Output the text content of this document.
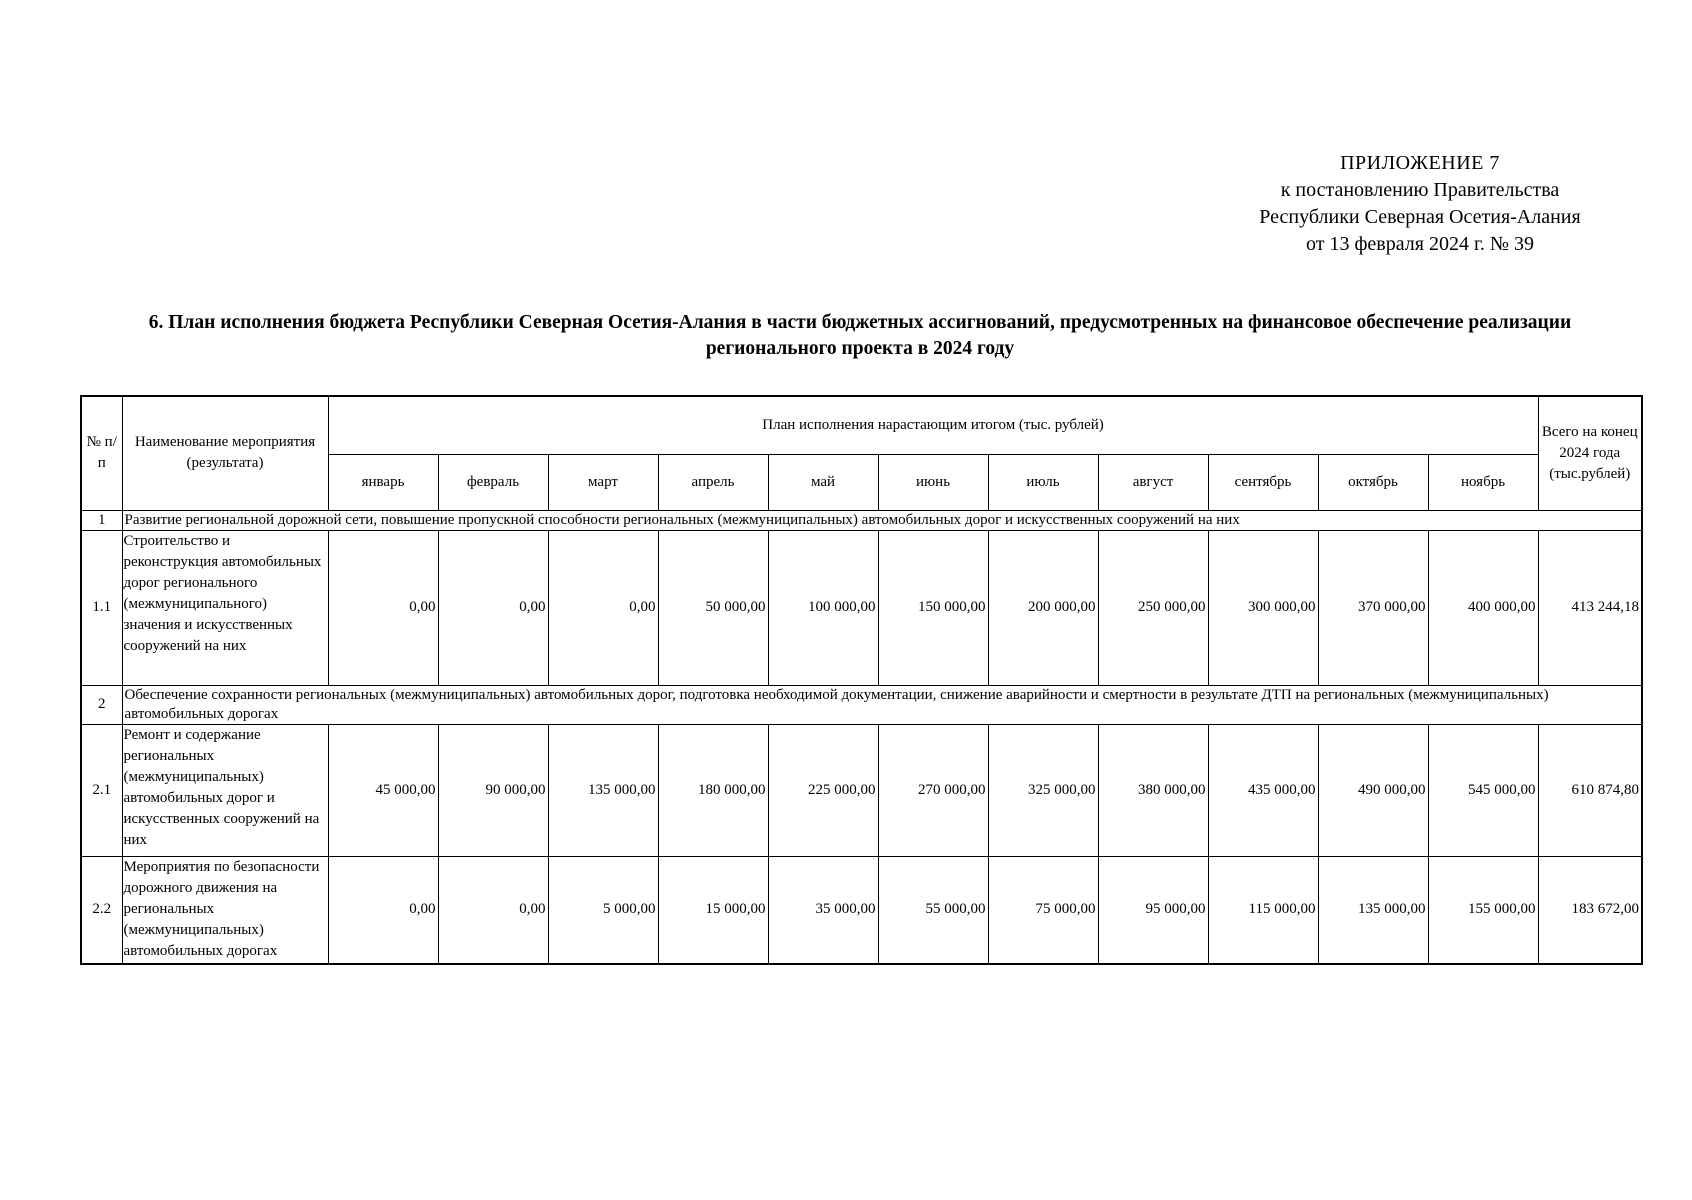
ПРИЛОЖЕНИЕ 7
к постановлению Правительства
Республики Северная Осетия-Алания
от 13 февраля 2024 г. № 39
6. План исполнения бюджета Республики Северная Осетия-Алания в части бюджетных ассигнований, предусмотренных на финансовое обеспечение реализации
регионального проекта в 2024 году
№ п/п	Наименование мероприятия (результата)	План исполнения нарастающим итогом (тыс. рублей)											Всего на конец 2024 года (тыс.рублей)
		январь	февраль	март	апрель	май	июнь	июль	август	сентябрь	октябрь	ноябрь	
1	Развитие региональной дорожной сети, повышение пропускной способности региональных (межмуниципальных) автомобильных дорог и искусственных сооружений на них												
1.1	Строительство и реконструкция автомобильных дорог регионального (межмуниципального) значения и искусственных сооружений на них	0,00	0,00	0,00	50 000,00	100 000,00	150 000,00	200 000,00	250 000,00	300 000,00	370 000,00	400 000,00	413 244,18
2	Обеспечение сохранности региональных (межмуниципальных) автомобильных дорог, подготовка необходимой документации, снижение аварийности и смертности в результате ДТП на региональных (межмуниципальных) автомобильных дорогах												
2.1	Ремонт и содержание региональных (межмуниципальных) автомобильных дорог и искусственных сооружений на них	45 000,00	90 000,00	135 000,00	180 000,00	225 000,00	270 000,00	325 000,00	380 000,00	435 000,00	490 000,00	545 000,00	610 874,80
2.2	Мероприятия по безопасности дорожного движения на региональных (межмуниципальных) автомобильных дорогах	0,00	0,00	5 000,00	15 000,00	35 000,00	55 000,00	75 000,00	95 000,00	115 000,00	135 000,00	155 000,00	183 672,00
